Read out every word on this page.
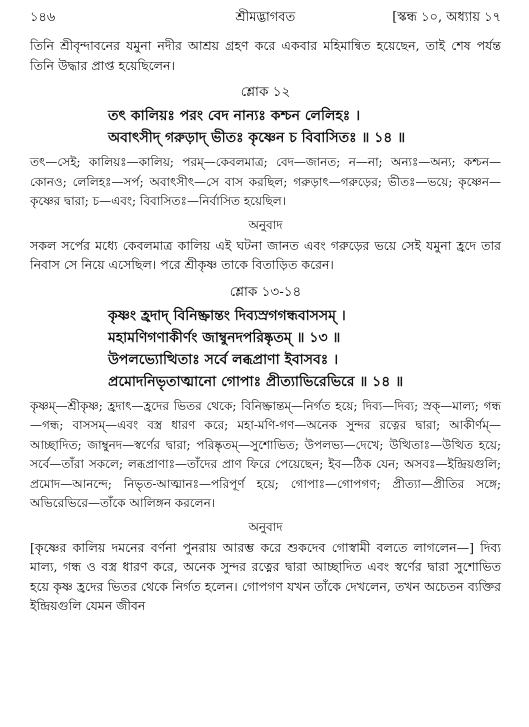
১৪৬	শ্রীমদ্ভাগবত	[স্কন্ধ ১০, অধ্যায় ১৭

তিনি শ্রীবৃন্দাবনের যমুনা নদীর আশ্রয় গ্রহণ করে একবার মহিমান্বিত হয়েছেন, তাই শেষ পর্যন্ত তিনি উদ্ধার প্রাপ্ত হয়েছিলেন।

শ্লোক ১২
তৎ কালিয়ঃ পরং বেদ নান্যঃ কশ্চন লেলিহঃ ।
অবাৎসীদ্ গরুড়াদ্ ভীতঃ কৃষ্ণেন চ বিবাসিতঃ ॥ ১৪ ॥

তৎ—সেই; কালিয়ঃ—কালিয়; পরম্—কেবলমাত্র; বেদ—জানত; ন—না; অন্যঃ—অন্য; কশ্চন—কোনও; লেলিহঃ—সর্প; অবাৎসীৎ—সে বাস করছিল; গরুড়াৎ—গরুড়ের; ভীতঃ—ভয়ে; কৃষ্ণেন—কৃষ্ণের দ্বারা; চ—এবং; বিবাসিতঃ—নির্বাসিত হয়েছিল।

অনুবাদ

সকল সর্পের মধ্যে কেবলমাত্র কালিয় এই ঘটনা জানত এবং গরুড়ের ভয়ে সেই যমুনা হ্রদে তার নিবাস সে নিয়ে এসেছিল। পরে শ্রীকৃষ্ণ তাকে বিতাড়িত করেন।

শ্লোক ১৩-১৪
কৃষ্ণং হ্রদাদ্ বিনিষ্ক্রান্তং দিব্যস্রগগন্ধবাসসম্ ।
মহামণিগণাকীর্ণং জাম্বুনদপরিষ্কৃতম্ ॥ ১৩ ॥
উপলভ্যোত্থিতাঃ সর্বে লব্ধপ্রাণা ইবাসবঃ ।
প্রমোদনিভৃতাত্মানো গোপাঃ প্রীত্যাভিরেভিরে ॥ ১৪ ॥

কৃষ্ণম্—শ্রীকৃষ্ণ; হ্রদাৎ—হ্রদের ভিতর থেকে; বিনিষ্ক্রান্তম্—নির্গত হয়ে; দিব্য—দিব্য; স্রক্—মাল্য; গন্ধ—গন্ধ; বাসসম্—এবং বস্ত্র ধারণ করে; মহা-মণি-গণ—অনেক সুন্দর রত্নের দ্বারা; আকীর্ণম্—আচ্ছাদিত; জাম্বুনদ—স্বর্ণের দ্বারা; পরিষ্কৃতম্—সুশোভিত; উপলভ্য—দেখে; উত্থিতাঃ—উত্থিত হয়ে; সর্বে—তাঁরা সকলে; লব্ধপ্রাণাঃ—তাঁদের প্রাণ ফিরে পেয়েছেন; ইব—ঠিক যেন; অসবঃ—ইন্দ্রিয়গুলি; প্রমোদ—আনন্দে; নিভৃত-আত্মানঃ—পরিপূর্ণ হয়ে; গোপাঃ—গোপগণ; প্রীত্যা—প্রীতির সঙ্গে; অভিরেভিরে—তাঁকে আলিঙ্গন করলেন।

অনুবাদ

[কৃষ্ণের কালিয় দমনের বর্ণনা পুনরায় আরম্ভ করে শুকদেব গোস্বামী বলতে লাগলেন—] দিব্য মাল্য, গন্ধ ও বস্ত্র ধারণ করে, অনেক সুন্দর রত্নের দ্বারা আচ্ছাদিত এবং স্বর্ণের দ্বারা সুশোভিত হয়ে কৃষ্ণ হ্রদের ভিতর থেকে নির্গত হলেন। গোপগণ যখন তাঁকে দেখলেন, তখন অচেতন ব্যক্তির ইন্দ্রিয়গুলি যেমন জীবন
